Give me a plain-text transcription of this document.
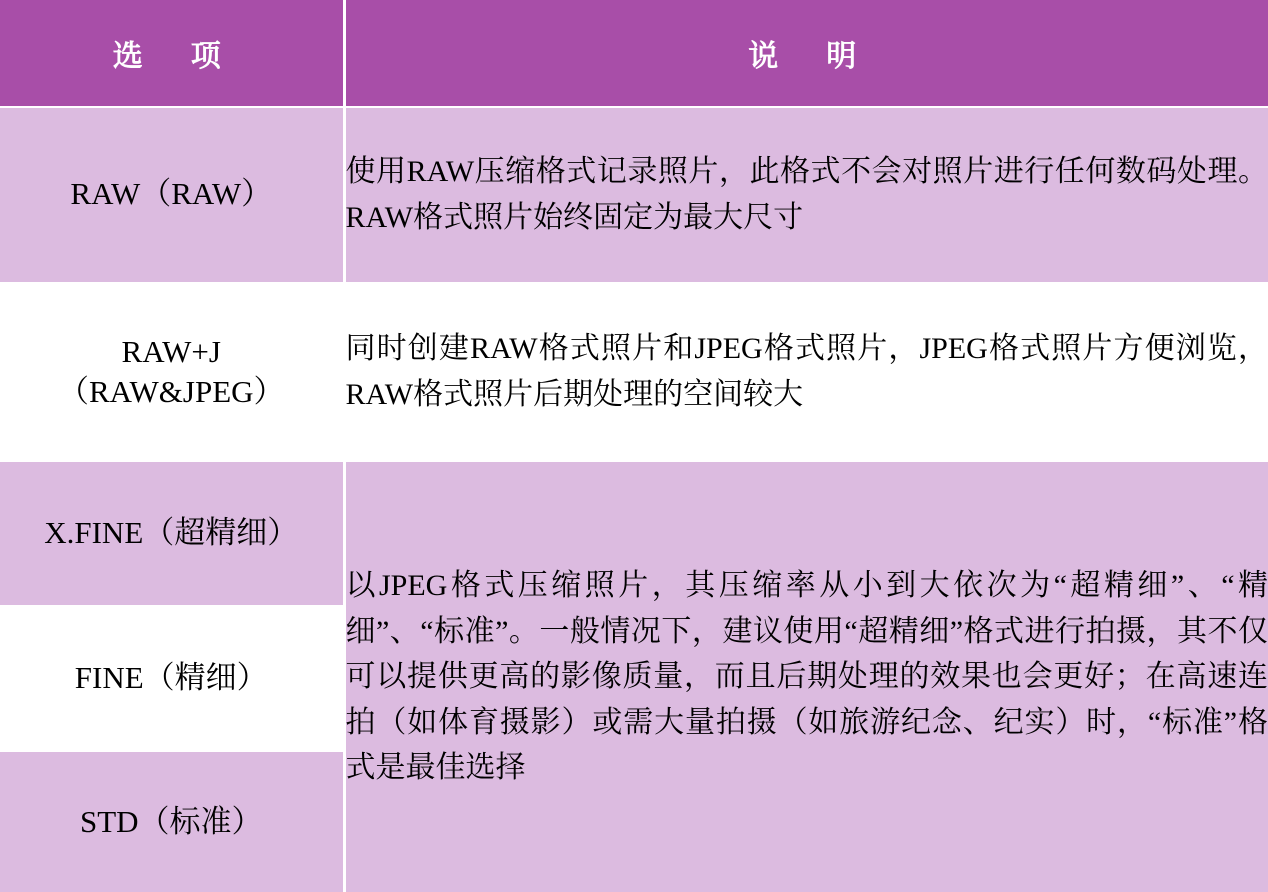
选　项	说　明
RAW（RAW）	使用RAW压缩格式记录照片，此格式不会对照片进行任何数码处理。RAW格式照片始终固定为最大尺寸

RAW+J
（RAW&JPEG）	同时创建RAW格式照片和JPEG格式照片，JPEG格式照片方便浏览，RAW格式照片后期处理的空间较大
X.FINE（超精细）	以JPEG格式压缩照片，其压缩率从小到大依次为“超精细”、“精细”、“标准”。一般情况下，建议使用“超精细”格式进行拍摄，其不仅可以提供更高的影像质量，而且后期处理的效果也会更好；在高速连拍（如体育摄影）或需大量拍摄（如旅游纪念、纪实）时，“标准”格式是最佳选择
FINE（精细）	
STD（标准）	
